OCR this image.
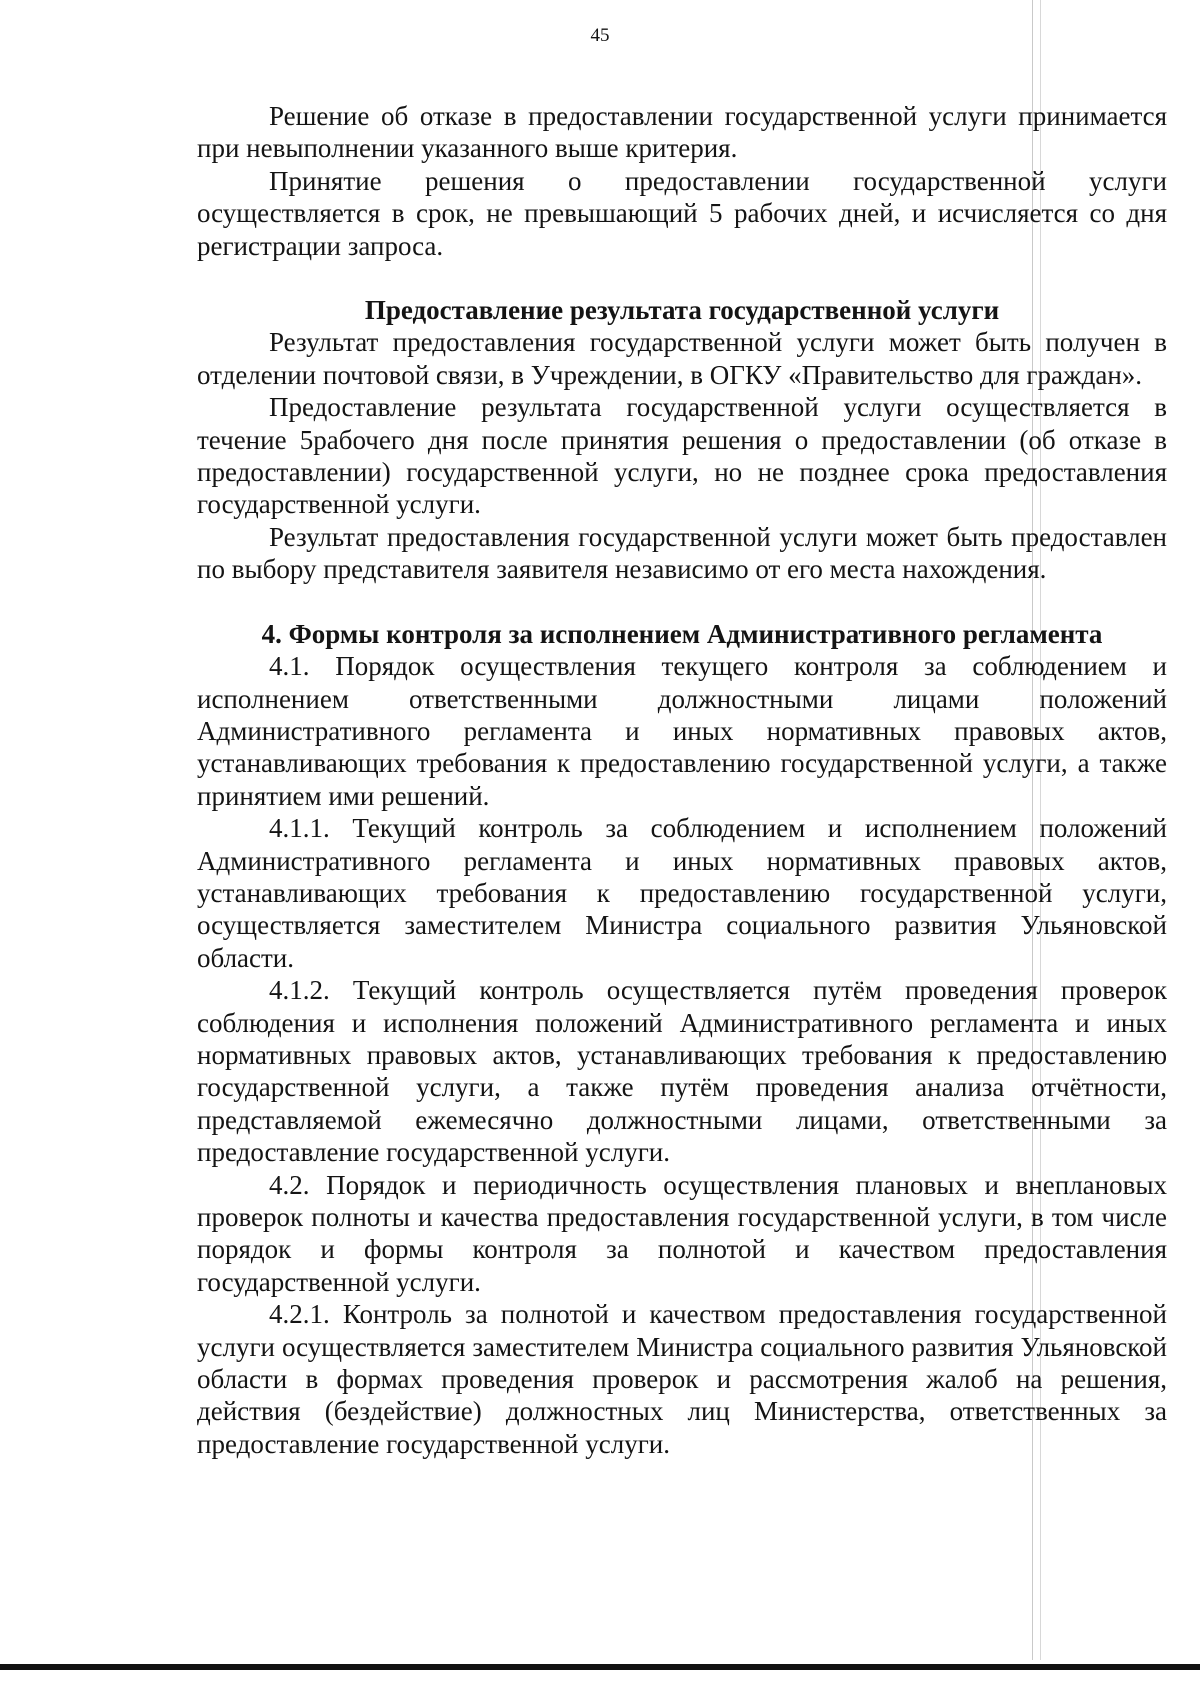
45

Решение об отказе в предоставлении государственной услуги принимается при невыполнении указанного выше критерия.

Принятие решения о предоставлении государственной услуги осуществляется в срок, не превышающий 5 рабочих дней, и исчисляется со дня регистрации запроса.

Предоставление результата государственной услуги

Результат предоставления государственной услуги может быть получен в отделении почтовой связи, в Учреждении, в ОГКУ «Правительство для граждан».

Предоставление результата государственной услуги осуществляется в течение 5рабочего дня после принятия решения о предоставлении (об отказе в предоставлении) государственной услуги, но не позднее срока предоставления государственной услуги.

Результат предоставления государственной услуги может быть предоставлен по выбору представителя заявителя независимо от его места нахождения.

4. Формы контроля за исполнением Административного регламента

4.1. Порядок осуществления текущего контроля за соблюдением и исполнением ответственными должностными лицами положений Административного регламента и иных нормативных правовых актов, устанавливающих требования к предоставлению государственной услуги, а также принятием ими решений.

4.1.1. Текущий контроль за соблюдением и исполнением положений Административного регламента и иных нормативных правовых актов, устанавливающих требования к предоставлению государственной услуги, осуществляется заместителем Министра социального развития Ульяновской области.

4.1.2. Текущий контроль осуществляется путём проведения проверок соблюдения и исполнения положений Административного регламента и иных нормативных правовых актов, устанавливающих требования к предоставлению государственной услуги, а также путём проведения анализа отчётности, представляемой ежемесячно должностными лицами, ответственными за предоставление государственной услуги.

4.2. Порядок и периодичность осуществления плановых и внеплановых проверок полноты и качества предоставления государственной услуги, в том числе порядок и формы контроля за полнотой и качеством предоставления государственной услуги.

4.2.1. Контроль за полнотой и качеством предоставления государственной услуги осуществляется заместителем Министра социального развития Ульяновской области в формах проведения проверок и рассмотрения жалоб на решения, действия (бездействие) должностных лиц Министерства, ответственных за предоставление государственной услуги.
